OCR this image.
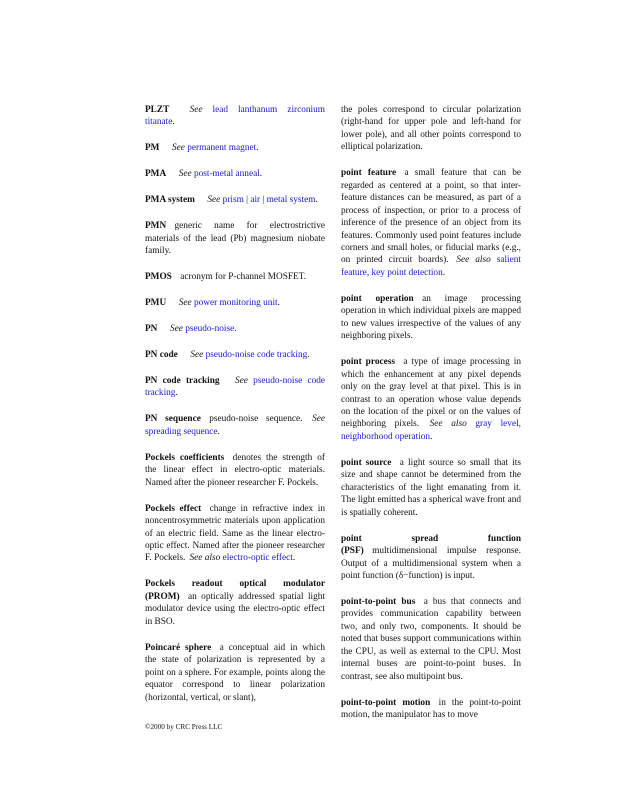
PLZT See lead lanthanum zirconium titanate.

PM See permanent magnet.

PMA See post-metal anneal.

PMA system See prism | air | metal system.

PMN generic name for electrostrictive materials of the lead (Pb) magnesium niobate family.

PMOS acronym for P-channel MOSFET.

PMU See power monitoring unit.

PN See pseudo-noise.

PN code See pseudo-noise code tracking.

PN code tracking See pseudo-noise code tracking.

PN sequence pseudo-noise sequence. See spreading sequence.

Pockels coefficients denotes the strength of the linear effect in electro-optic materials. Named after the pioneer researcher F. Pockels.

Pockels effect change in refractive index in noncentrosymmetric materials upon application of an electric field. Same as the linear electro-optic effect. Named after the pioneer researcher F. Pockels. See also electro-optic effect.

Pockels readout optical modulator (PROM) an optically addressed spatial light modulator device using the electro-optic effect in BSO.

Poincaré sphere a conceptual aid in which the state of polarization is represented by a point on a sphere. For example, points along the equator correspond to linear polarization (horizontal, vertical, or slant),

the poles correspond to circular polarization (right-hand for upper pole and left-hand for lower pole), and all other points correspond to elliptical polarization.

point feature a small feature that can be regarded as centered at a point, so that inter-feature distances can be measured, as part of a process of inspection, or prior to a process of inference of the presence of an object from its features. Commonly used point features include corners and small holes, or fiducial marks (e.g., on printed circuit boards). See also salient feature, key point detection.

point operation an image processing operation in which individual pixels are mapped to new values irrespective of the values of any neighboring pixels.

point process a type of image processing in which the enhancement at any pixel depends only on the gray level at that pixel. This is in contrast to an operation whose value depends on the location of the pixel or on the values of neighboring pixels. See also gray level, neighborhood operation.

point source a light source so small that its size and shape cannot be determined from the characteristics of the light emanating from it. The light emitted has a spherical wave front and is spatially coherent.

point spread function (PSF) multidimensional impulse response. Output of a multidimensional system when a point function (δ−function) is input.

point-to-point bus a bus that connects and provides communication capability between two, and only two, components. It should be noted that buses support communications within the CPU, as well as external to the CPU. Most internal buses are point-to-point buses. In contrast, see also multipoint bus.

point-to-point motion in the point-to-point motion, the manipulator has to move

©2000 by CRC Press LLC
